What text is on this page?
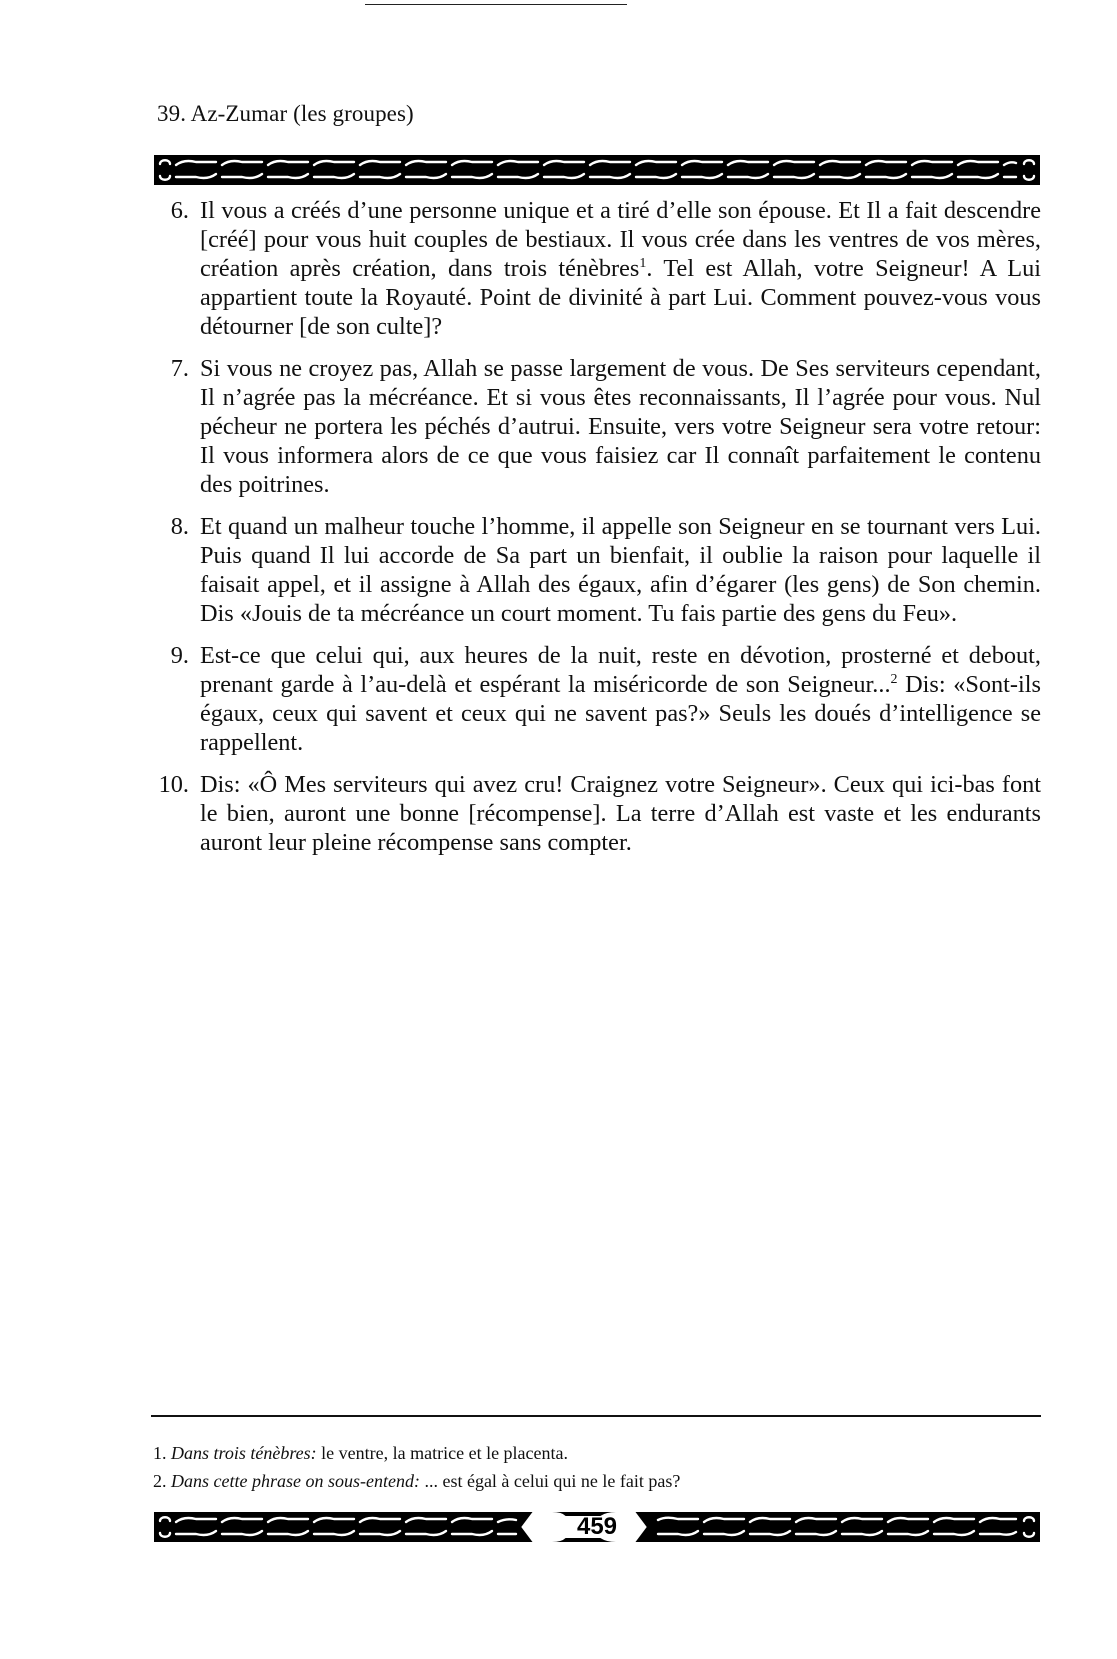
39. Az-Zumar (les groupes)
6. Il vous a créés d’une personne unique et a tiré d’elle son épouse. Et Il a fait descendre [créé] pour vous huit couples de bestiaux. Il vous crée dans les ventres de vos mères, création après création, dans trois ténèbres$^1$. Tel est Allah, votre Seigneur! A Lui appartient toute la Royauté. Point de divinité à part Lui. Comment pouvez-vous vous détourner [de son culte]?
7. Si vous ne croyez pas, Allah se passe largement de vous. De Ses serviteurs cependant, Il n’agrée pas la mécréance. Et si vous êtes reconnaissants, Il l’agrée pour vous. Nul pécheur ne portera les péchés d’autrui. Ensuite, vers votre Seigneur sera votre retour: Il vous informera alors de ce que vous faisiez car Il connaît parfaitement le contenu des poitrines.
8. Et quand un malheur touche l’homme, il appelle son Seigneur en se tournant vers Lui. Puis quand Il lui accorde de Sa part un bienfait, il oublie la raison pour laquelle il faisait appel, et il assigne à Allah des égaux, afin d’égarer (les gens) de Son chemin. Dis «Jouis de ta mécréance un court moment. Tu fais partie des gens du Feu».
9. Est-ce que celui qui, aux heures de la nuit, reste en dévotion, prosterné et debout, prenant garde à l’au-delà et espérant la miséricorde de son Seigneur...$^2$ Dis: «Sont-ils égaux, ceux qui savent et ceux qui ne savent pas?» Seuls les doués d’intelligence se rappellent.
10. Dis: «Ô Mes serviteurs qui avez cru! Craignez votre Seigneur». Ceux qui ici-bas font le bien, auront une bonne [récompense]. La terre d’Allah est vaste et les endurants auront leur pleine récompense sans compter.
1. Dans trois ténèbres: le ventre, la matrice et le placenta.
2. Dans cette phrase on sous-entend: ... est égal à celui qui ne le fait pas?
459
